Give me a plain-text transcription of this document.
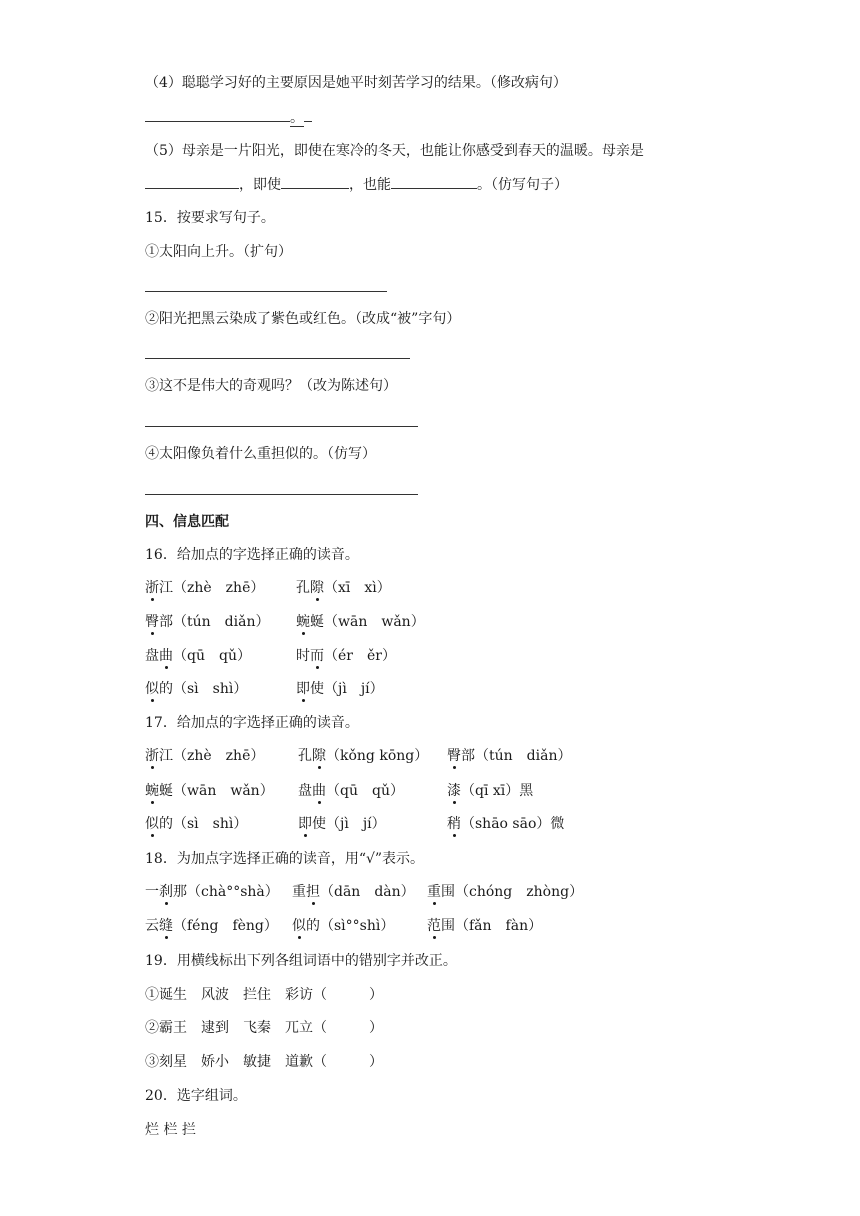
（4）聪聪学习好的主要原因是她平时刻苦学习的结果。（修改病句）
。
（5）母亲是一片阳光，即使在寒冷的冬天，也能让你感受到春天的温暖。母亲是
，即使	，也能	。（仿写句子）
15．按要求写句子。
①太阳向上升。（扩句）
②阳光把黑云染成了紫色或红色。（改成“被”字句）
③这不是伟大的奇观吗？（改为陈述句）
④太阳像负着什么重担似的。（仿写）
四、信息匹配
16．给加点的字选择正确的读音。
浙江（zhè　zhē） 孔隙（xī　xì）
臀部（tún　diǎn） 蜿蜒（wān　wǎn）
盘曲（qū　qǔ）	时而（ér　ěr）
似的（sì　shì）	即使（jì　jí）
17．给加点的字选择正确的读音。
浙江（zhè　zhē） 孔隙（kǒng kōng） 臀部（tún　diǎn）
蜿蜒（wān　wǎn） 盘曲（qū　qǔ）	漆（qī xī）黑
似的（sì　shì）	即使（jì　jí）	稍（shāo sāo）微
18．为加点字选择正确的读音，用“√”表示。
一刹那（chà°°shà） 重担（dān　dàn） 重围（chóng　zhòng）
云缝（féng　fèng） 似的（sì°°shì） 范围（fǎn　fàn）
19．用横线标出下列各组词语中的错别字并改正。
①诞生　风波　拦住　彩访（　　　）
②霸王　逮到　飞秦　兀立（　　　）
③刻星　娇小　敏捷　道歉（　　　）
20．选字组词。
烂 栏 拦
